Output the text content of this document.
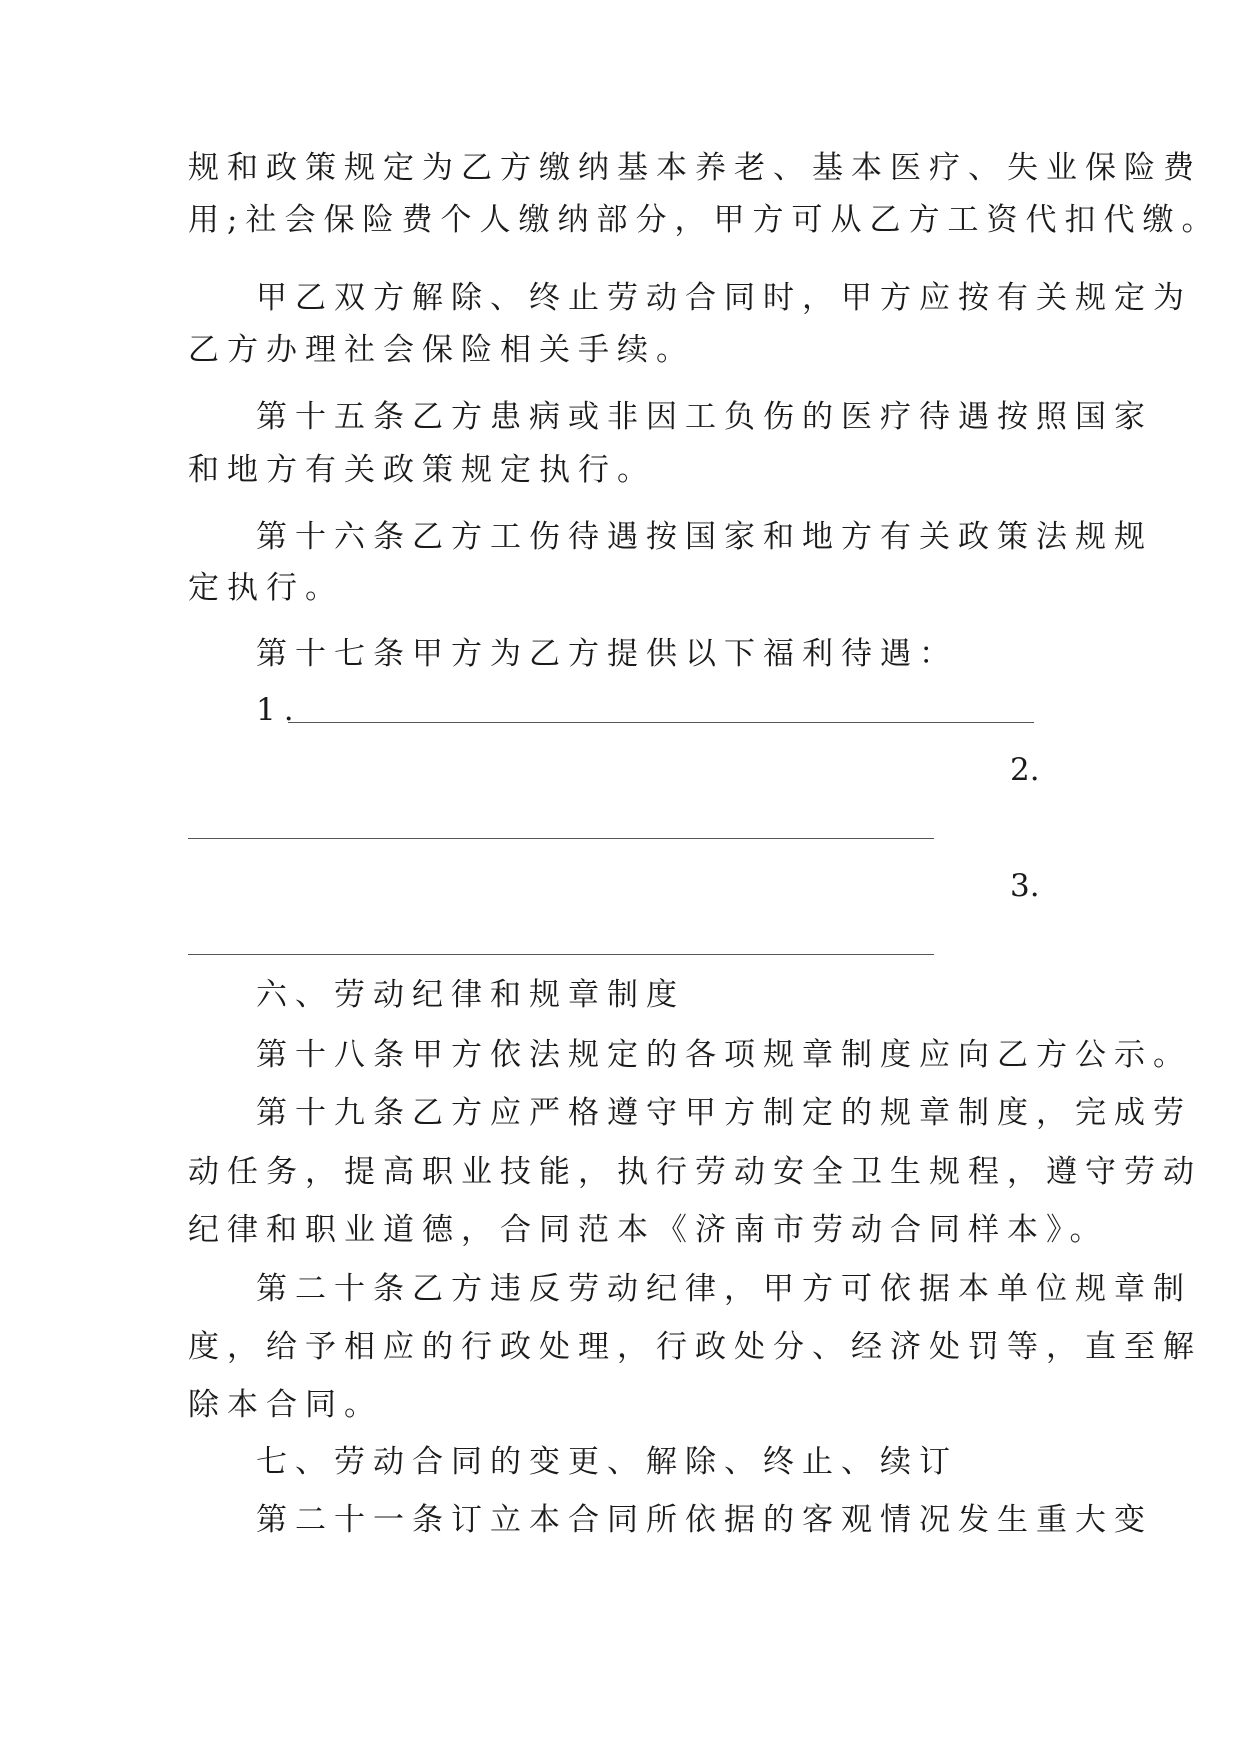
规和政策规定为乙方缴纳基本养老、基本医疗、失业保险费
用;社会保险费个人缴纳部分，甲方可从乙方工资代扣代缴。
甲乙双方解除、终止劳动合同时，甲方应按有关规定为
乙方办理社会保险相关手续。
第十五条乙方患病或非因工负伤的医疗待遇按照国家
和地方有关政策规定执行。
第十六条乙方工伤待遇按国家和地方有关政策法规规
定执行。
第十七条甲方为乙方提供以下福利待遇：
1.
2.
3.
六、劳动纪律和规章制度
第十八条甲方依法规定的各项规章制度应向乙方公示。
第十九条乙方应严格遵守甲方制定的规章制度，完成劳
动任务，提高职业技能，执行劳动安全卫生规程，遵守劳动
纪律和职业道德，合同范本《济南市劳动合同样本》。
第二十条乙方违反劳动纪律，甲方可依据本单位规章制
度，给予相应的行政处理，行政处分、经济处罚等，直至解
除本合同。
七、劳动合同的变更、解除、终止、续订
第二十一条订立本合同所依据的客观情况发生重大变
